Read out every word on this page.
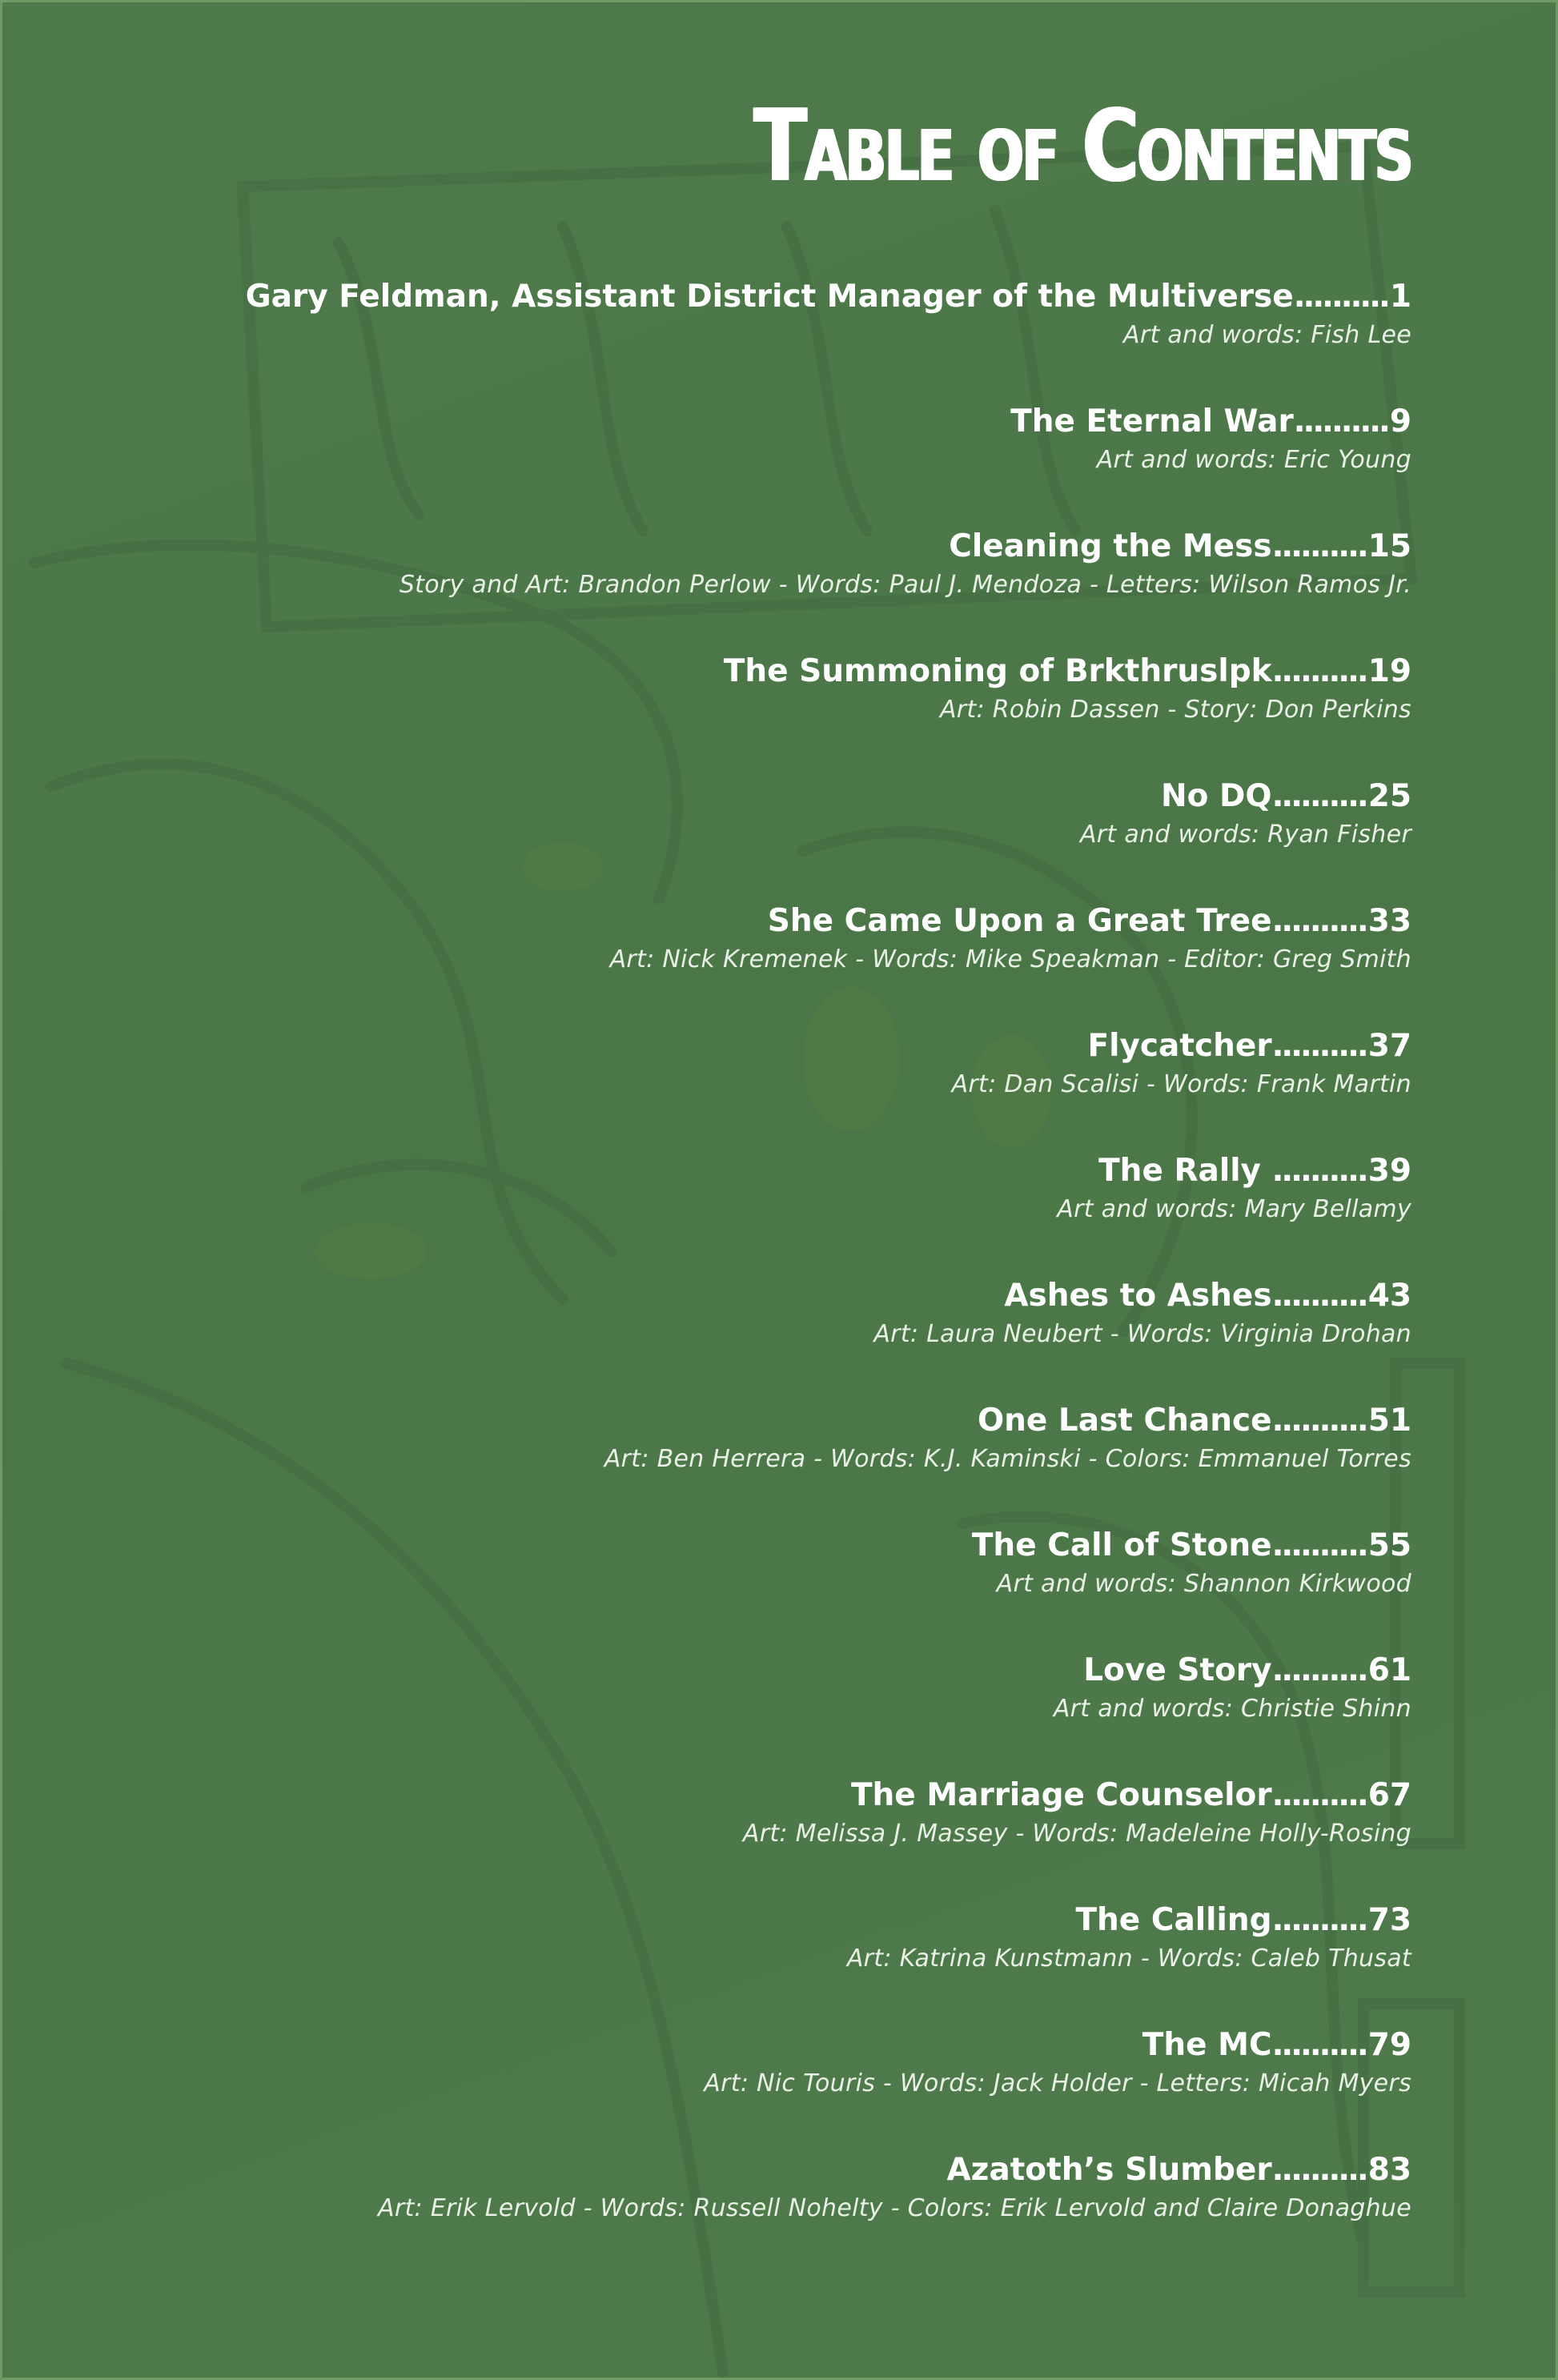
Table of Contents
Gary Feldman, Assistant District Manager of the Multiverse..........1
Art and words: Fish Lee
The Eternal War..........9
Art and words: Eric Young
Cleaning the Mess..........15
Story and Art: Brandon Perlow - Words: Paul J. Mendoza - Letters: Wilson Ramos Jr.
The Summoning of Brkthruslpk..........19
Art: Robin Dassen - Story: Don Perkins
No DQ..........25
Art and words: Ryan Fisher
She Came Upon a Great Tree..........33
Art: Nick Kremenek - Words: Mike Speakman - Editor: Greg Smith
Flycatcher..........37
Art: Dan Scalisi - Words: Frank Martin
The Rally ..........39
Art and words: Mary Bellamy
Ashes to Ashes..........43
Art: Laura Neubert - Words: Virginia Drohan
One Last Chance..........51
Art: Ben Herrera - Words: K.J. Kaminski - Colors: Emmanuel Torres
The Call of Stone..........55
Art and words: Shannon Kirkwood
Love Story..........61
Art and words: Christie Shinn
The Marriage Counselor..........67
Art: Melissa J. Massey - Words: Madeleine Holly-Rosing
The Calling..........73
Art: Katrina Kunstmann - Words: Caleb Thusat
The MC..........79
Art: Nic Touris - Words: Jack Holder - Letters: Micah Myers
Azatoth’s Slumber..........83
Art: Erik Lervold - Words: Russell Nohelty - Colors: Erik Lervold and Claire Donaghue
